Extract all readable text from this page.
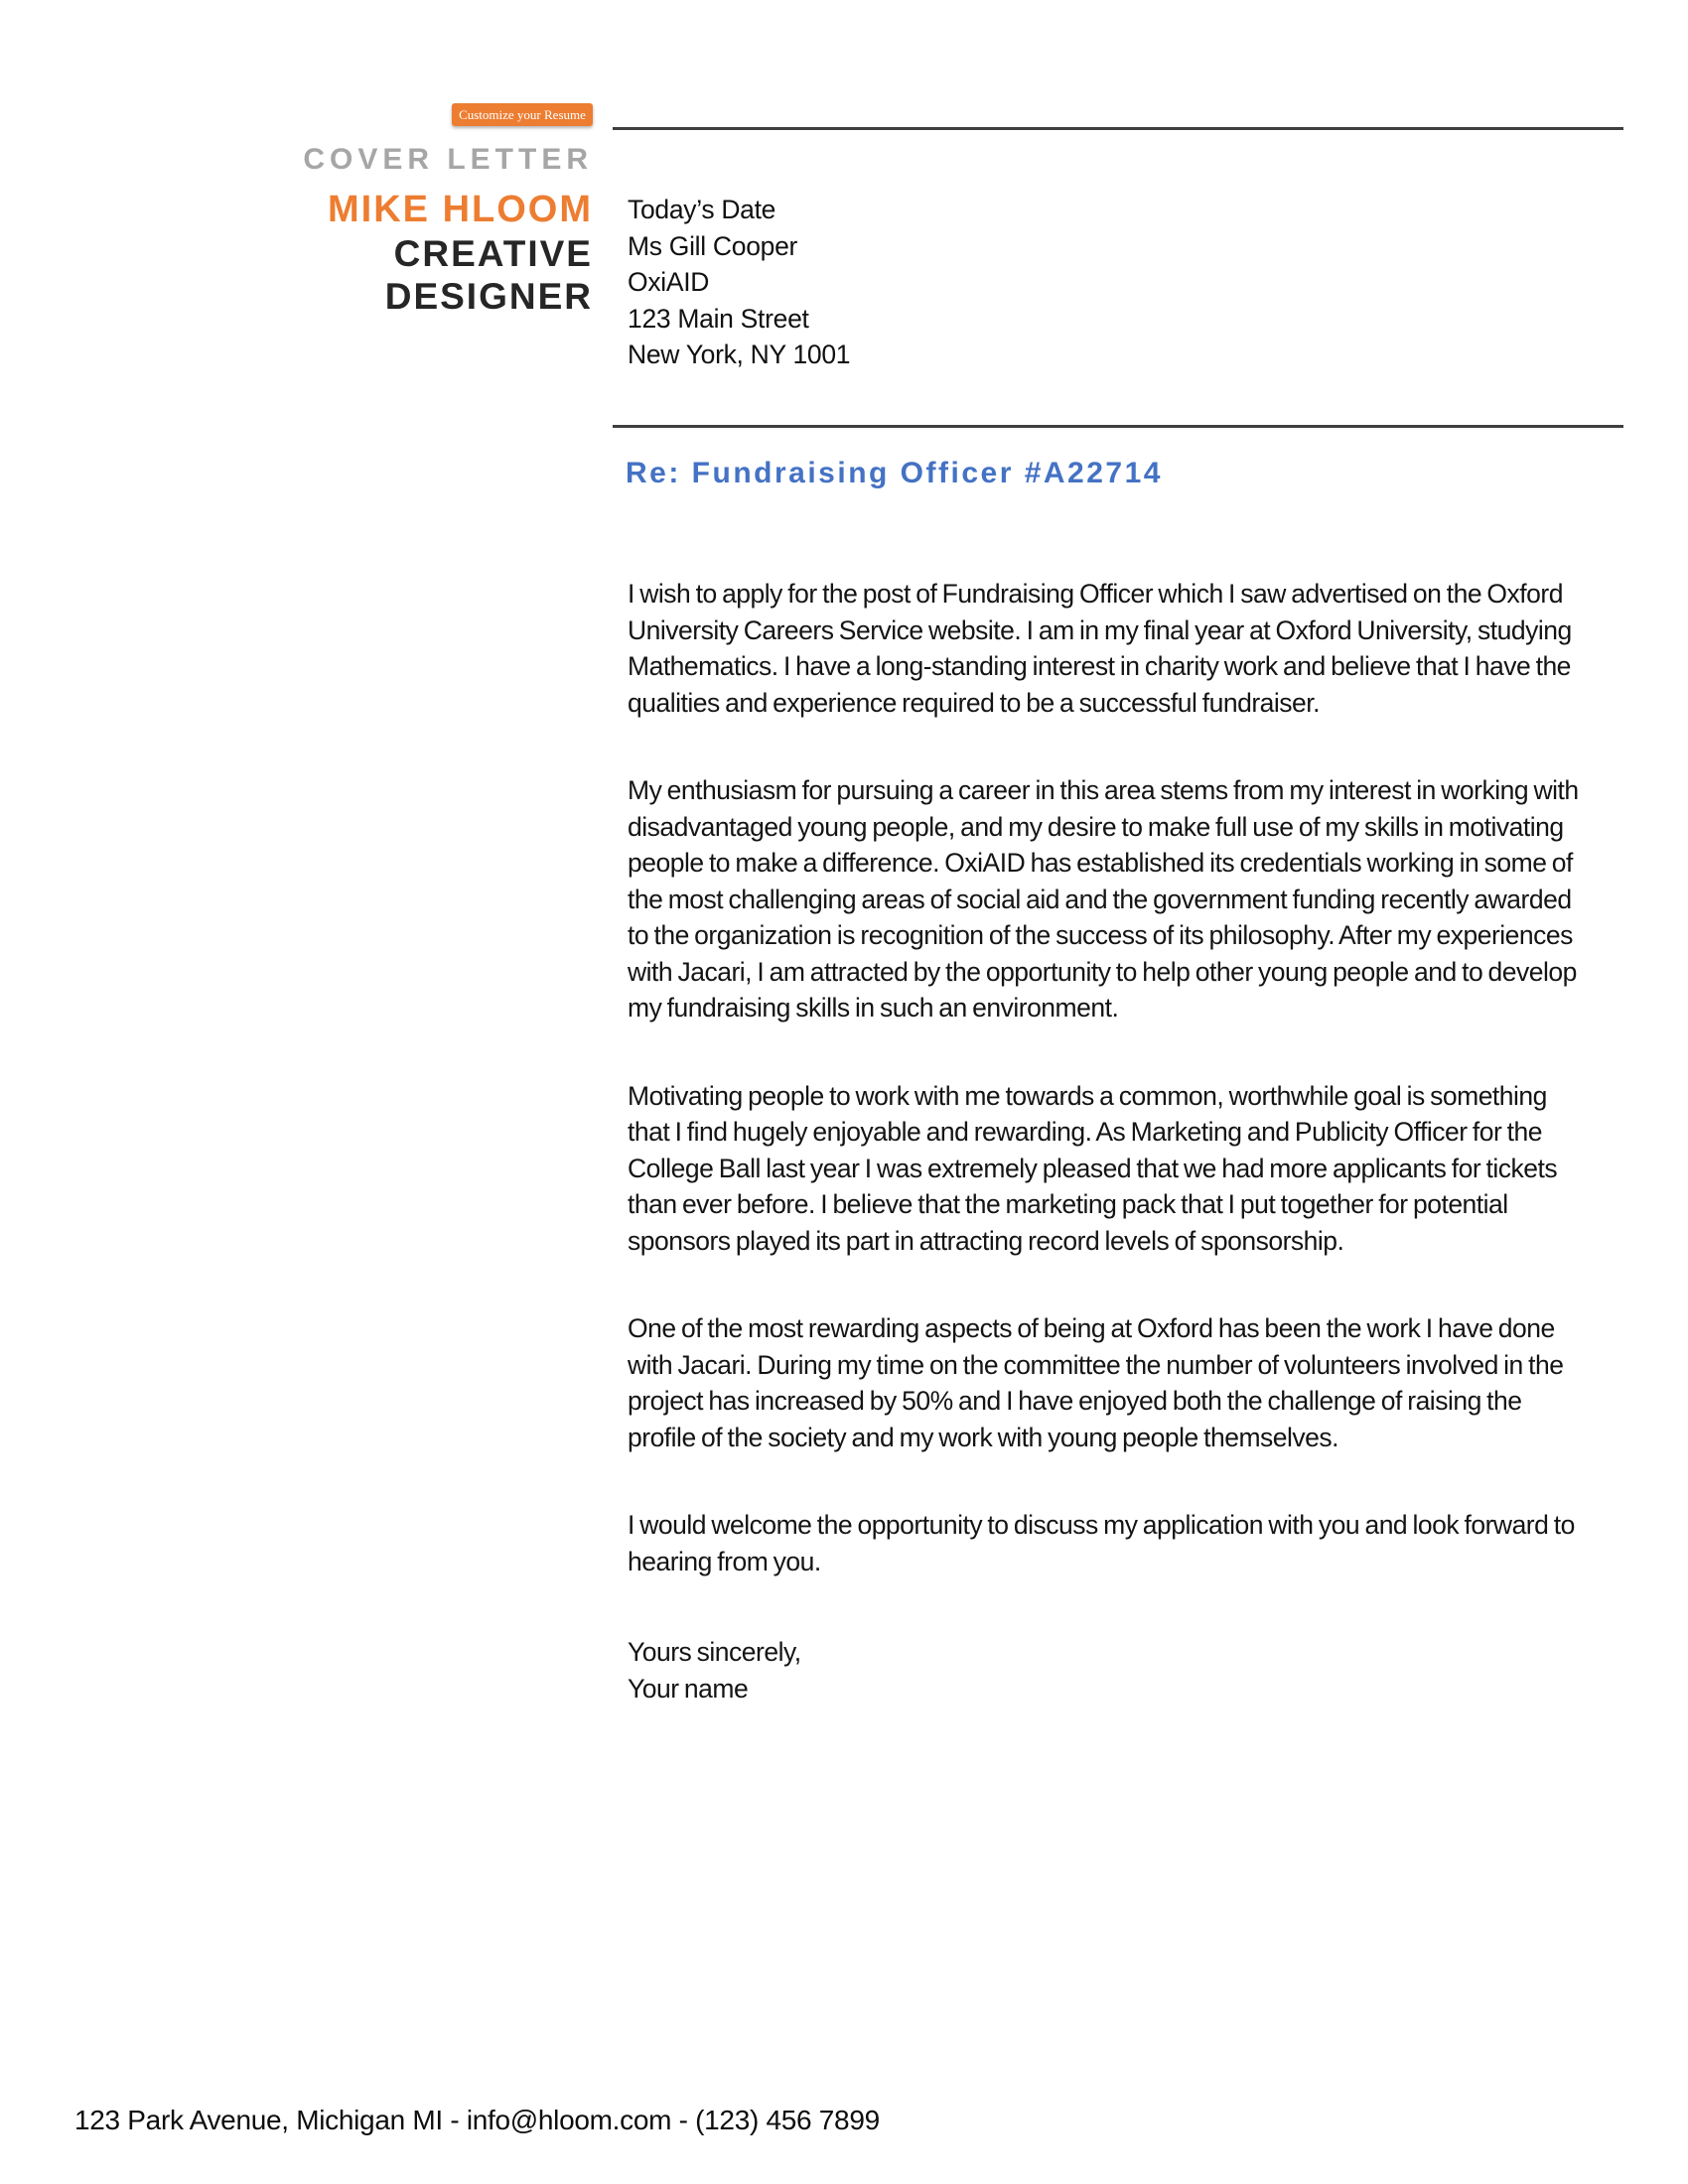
Customize your Resume
COVER LETTER
MIKE HLOOM
CREATIVE
DESIGNER
Today’s Date
Ms Gill Cooper
OxiAID
123 Main Street
New York, NY 1001
Re: Fundraising Officer #A22714

I wish to apply for the post of Fundraising Officer which I saw advertised on the Oxford University Careers Service website. I am in my final year at Oxford University, studying Mathematics. I have a long-standing interest in charity work and believe that I have the qualities and experience required to be a successful fundraiser.

My enthusiasm for pursuing a career in this area stems from my interest in working with disadvantaged young people, and my desire to make full use of my skills in motivating people to make a difference. OxiAID has established its credentials working in some of the most challenging areas of social aid and the government funding recently awarded to the organization is recognition of the success of its philosophy. After my experiences with Jacari, I am attracted by the opportunity to help other young people and to develop my fundraising skills in such an environment.

Motivating people to work with me towards a common, worthwhile goal is something that I find hugely enjoyable and rewarding. As Marketing and Publicity Officer for the College Ball last year I was extremely pleased that we had more applicants for tickets than ever before. I believe that the marketing pack that I put together for potential sponsors played its part in attracting record levels of sponsorship.

One of the most rewarding aspects of being at Oxford has been the work I have done with Jacari. During my time on the committee the number of volunteers involved in the project has increased by 50% and I have enjoyed both the challenge of raising the profile of the society and my work with young people themselves.

I would welcome the opportunity to discuss my application with you and look forward to hearing from you.

Yours sincerely,
Your name
123 Park Avenue, Michigan MI - info@hloom.com - (123) 456 7899
